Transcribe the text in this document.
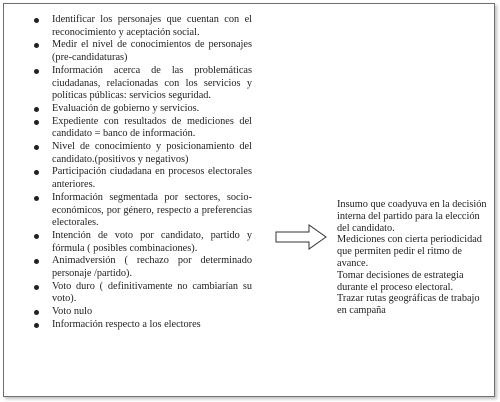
Identificar los personajes que cuentan con el reconocimiento y aceptación social.
Medir el nivel de conocimientos de personajes (pre-candidaturas)
Información acerca de las problemáticas ciudadanas, relacionadas con los servicios y políticas públicas: servicios seguridad.
Evaluación de gobierno y servicios.
Expediente con resultados de mediciones del candidato = banco de información.
Nivel de conocimiento y posicionamiento del candidato.(positivos y negativos)
Participación ciudadana en procesos electorales anteriores.
Información segmentada por sectores, socio-económicos, por género, respecto a preferencias electorales.
Intención de voto por candidato, partido y fórmula ( posibles combinaciones).
Animadversión ( rechazo por determinado personaje /partido).
Voto duro ( definitivamente no cambiarían su voto).
Voto nulo
Información respecto a los electores
Insumo que coadyuva en la decisión interna del partido para la elección del candidato.
Mediciones con cierta periodicidad que permiten pedir el ritmo de avance.
Tomar decisiones de estrategia durante el proceso electoral.
Trazar rutas geográficas de trabajo en campaña
